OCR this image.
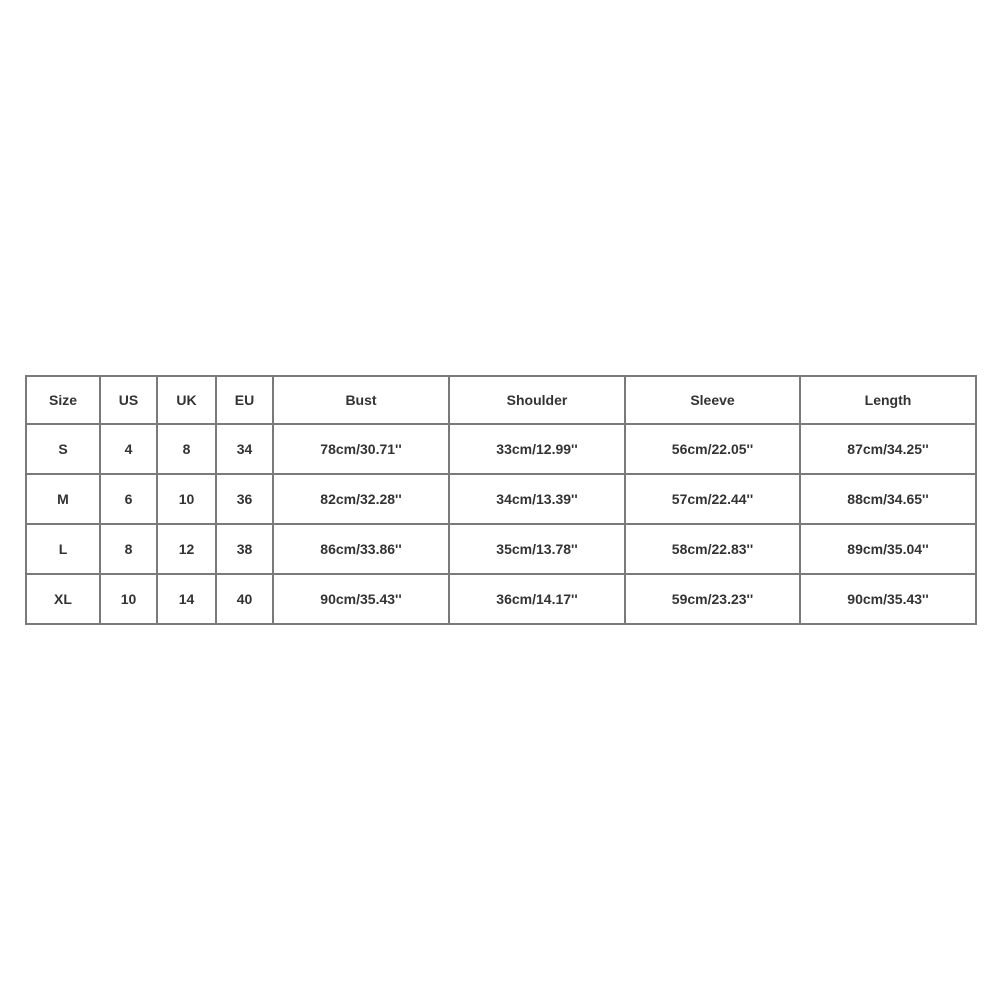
Size	US	UK	EU	Bust	Shoulder	Sleeve	Length
S	4	8	34	78cm/30.71''	33cm/12.99''	56cm/22.05''	87cm/34.25''
M	6	10	36	82cm/32.28''	34cm/13.39''	57cm/22.44''	88cm/34.65''
L	8	12	38	86cm/33.86''	35cm/13.78''	58cm/22.83''	89cm/35.04''
XL	10	14	40	90cm/35.43''	36cm/14.17''	59cm/23.23''	90cm/35.43''
